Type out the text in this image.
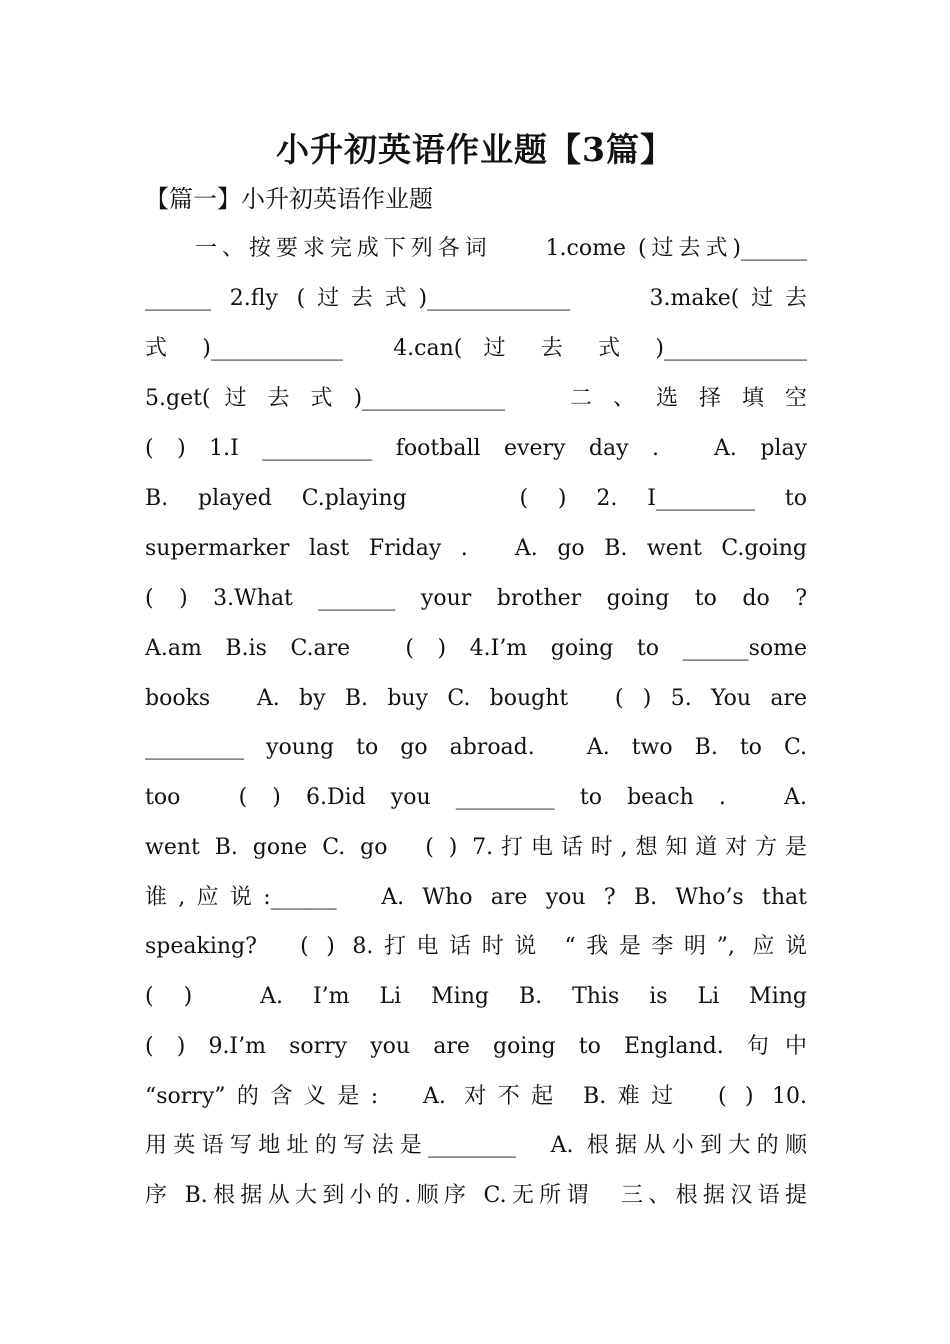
小升初英语作业题【3篇】
【篇一】小升初英语作业题
一、按要求完成下列各词　　1.come (过去式)______
______ 2.fly (过去式)_____________　　3.make(过去
式 )____________　4.can( 过 去 式 )_____________
5.get( 过 去 式 )_____________　　二 、 选 择 填 空
( ) 1.I __________ football every day .　A. play
B. played C.playing　　( ) 2. I_________ to
supermarker last Friday .　A. go B. went C.going
( ) 3.What _______ your brother going to do ?
A.am B.is C.are　( ) 4.I’m going to ______some
books　A. by B. buy C. bought　( ) 5. You are
_________ young to go abroad.　A. two B. to C.
too　( ) 6.Did you _________ to beach .　A.
went B. gone C. go　( ) 7.打电话时,想知道对方是
谁,应说:______　A. Who are you ? B. Who’s that
speaking?　( ) 8.打电话时说 “我是李明”, 应说
( )　A. I’m Li Ming B. This is Li Ming
( ) 9.I’m sorry you are going to England. 句中
“sorry”的含义是:　A. 对不起 B.难过　( ) 10.
用英语写地址的写法是________　A. 根据从小到大的顺
序 B.根据从大到小的.顺序 C.无所谓　三、根据汉语提
